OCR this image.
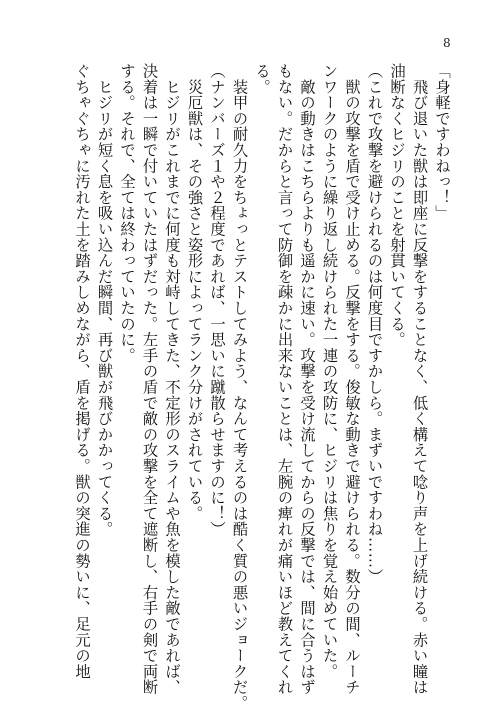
8
「身軽ですわねっ！」
　飛び退いた獣は即座に反撃をすることなく、低く構えて唸り声を上げ続ける。赤い瞳は
油断なくヒジリのことを射貫いてくる。
（これで攻撃を避けられるのは何度目ですかしら。まずいですわね……）
　獣の攻撃を盾で受け止める。反撃をする。俊敏な動きで避けられる。数分の間、ルーチ
ンワークのように繰り返し続けられた一連の攻防に、ヒジリは焦りを覚え始めていた。
　敵の動きはこちらよりも遥かに速い。攻撃を受け流してからの反撃では、間に合うはず
もない。だからと言って防御を疎かに出来ないことは、左腕の痺れが痛いほど教えてくれ
る。
　装甲の耐久力をちょっとテストしてみよう、なんて考えるのは酷く質の悪いジョークだ。
（ナンバーズ１や２程度であれば、一思いに蹴散らせますのに！）
　災厄獣は、その強さと姿形によってランク分けがされている。
　ヒジリがこれまでに何度も対峙してきた、不定形のスライムや魚を模した敵であれば、
決着は一瞬で付いていたはずだった。左手の盾で敵の攻撃を全て遮断し、右手の剣で両断
する。それで、全ては終わっていたのに。
　ヒジリが短く息を吸い込んだ瞬間、再び獣が飛びかかってくる。
ぐちゃぐちゃに汚れた土を踏みしめながら、盾を掲げる。獣の突進の勢いに、足元の地
